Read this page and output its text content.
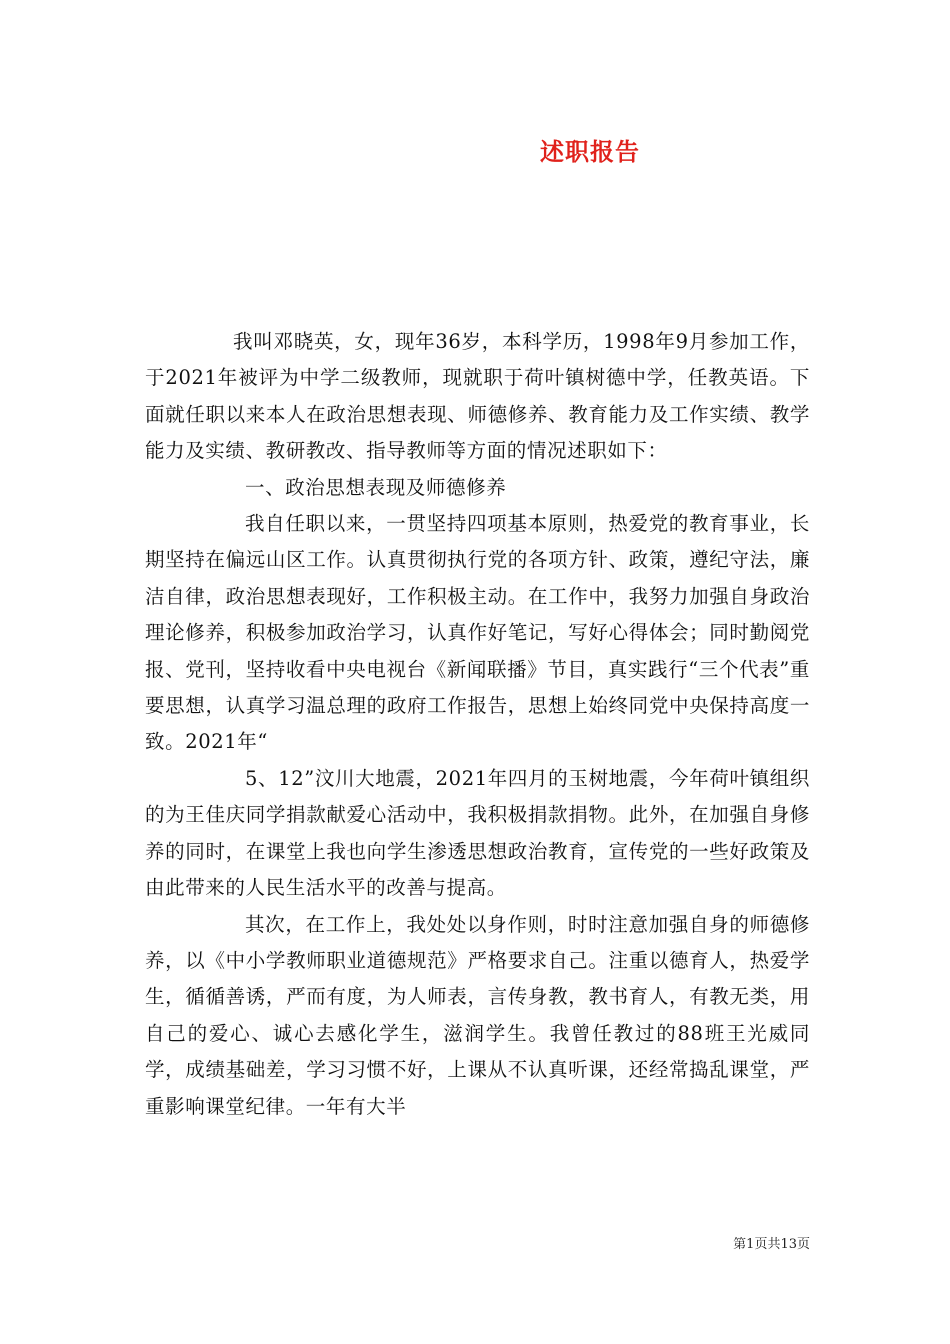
述职报告

我叫邓晓英，女，现年36岁，本科学历，1998年9月参加工作，于2021年被评为中学二级教师，现就职于荷叶镇树德中学，任教英语。下面就任职以来本人在政治思想表现、师德修养、教育能力及工作实绩、教学能力及实绩、教研教改、指导教师等方面的情况述职如下：

一、政治思想表现及师德修养

我自任职以来，一贯坚持四项基本原则，热爱党的教育事业，长期坚持在偏远山区工作。认真贯彻执行党的各项方针、政策，遵纪守法，廉洁自律，政治思想表现好，工作积极主动。在工作中，我努力加强自身政治理论修养，积极参加政治学习，认真作好笔记，写好心得体会；同时勤阅党报、党刊，坚持收看中央电视台《新闻联播》节目，真实践行“三个代表”重要思想，认真学习温总理的政府工作报告，思想上始终同党中央保持高度一致。2021年“

5、12”汶川大地震，2021年四月的玉树地震，今年荷叶镇组织的为王佳庆同学捐款献爱心活动中，我积极捐款捐物。此外，在加强自身修养的同时，在课堂上我也向学生渗透思想政治教育，宣传党的一些好政策及由此带来的人民生活水平的改善与提高。

其次，在工作上，我处处以身作则，时时注意加强自身的师德修养，以《中小学教师职业道德规范》严格要求自己。注重以德育人，热爱学生，循循善诱，严而有度，为人师表，言传身教，教书育人，有教无类，用自己的爱心、诚心去感化学生，滋润学生。我曾任教过的88班王光威同学，成绩基础差，学习习惯不好，上课从不认真听课，还经常捣乱课堂，严重影响课堂纪律。一年有大半

第1页共13页
